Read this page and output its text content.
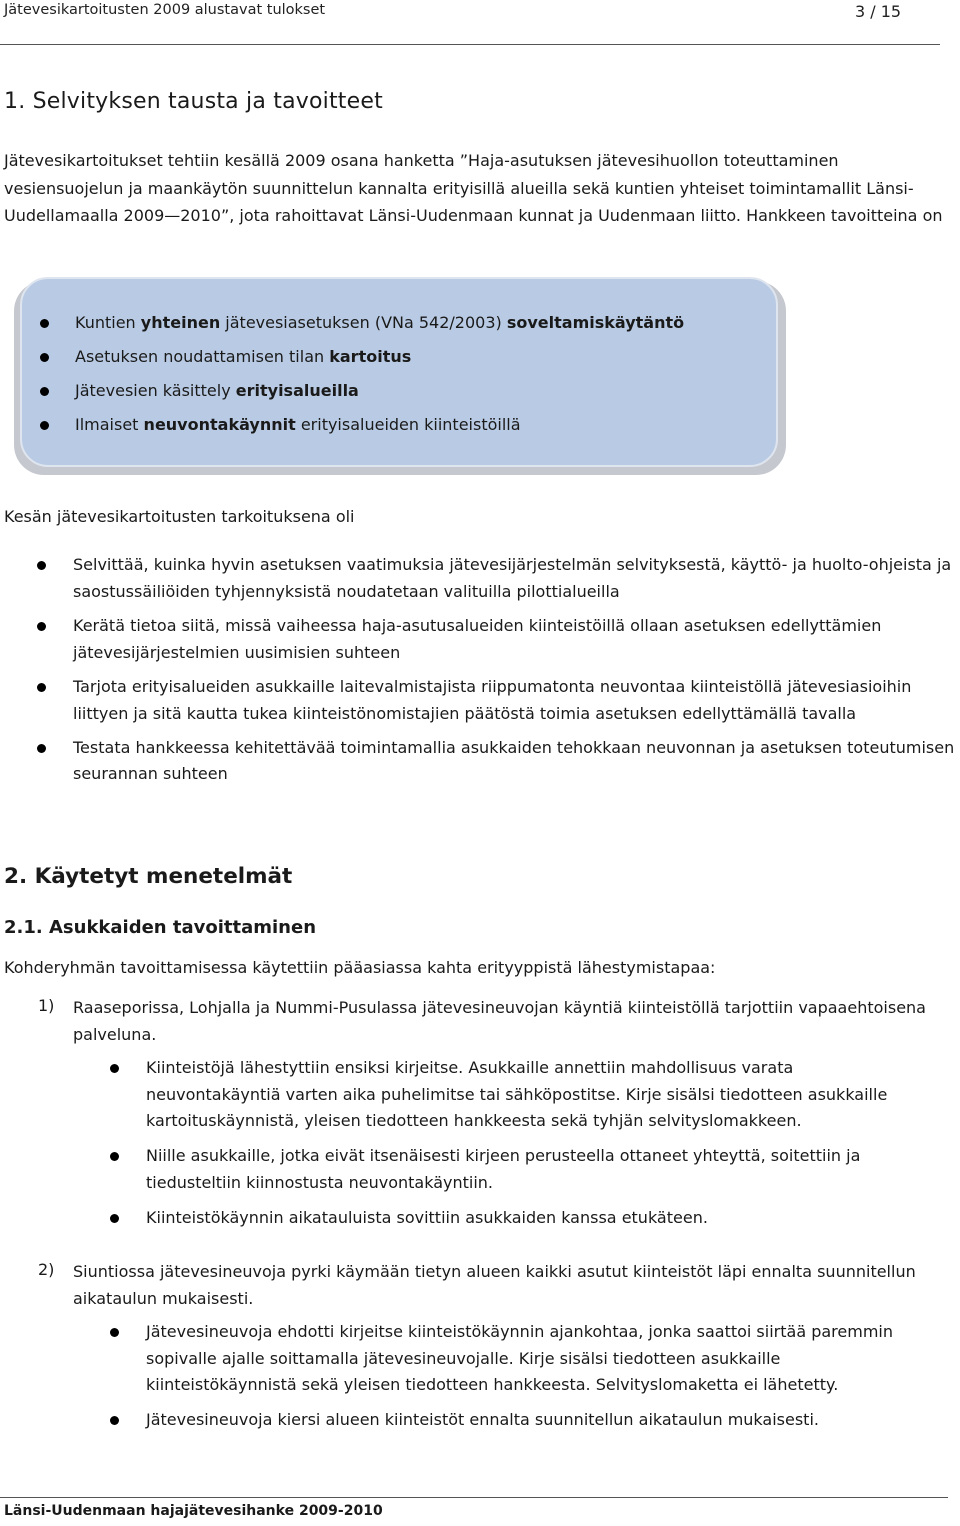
Jätevesikartoitusten 2009 alustavat tulokset	3 / 15
1. Selvityksen tausta ja tavoitteet

Jätevesikartoitukset tehtiin kesällä 2009 osana hanketta ”Haja-asutuksen jätevesihuollon toteuttaminen vesiensuojelun ja maankäytön suunnittelun kannalta erityisillä alueilla sekä kuntien yhteiset toimintamallit Länsi-Uudellamaalla 2009—2010”, jota rahoittavat Länsi-Uudenmaan kunnat ja Uudenmaan liitto. Hankkeen tavoitteina on

Kuntien yhteinen jätevesiasetuksen (VNa 542/2003) soveltamiskäytäntö
Asetuksen noudattamisen tilan kartoitus
Jätevesien käsittely erityisalueilla
Ilmaiset neuvontakäynnit erityisalueiden kiinteistöillä

Kesän jätevesikartoitusten tarkoituksena oli

Selvittää, kuinka hyvin asetuksen vaatimuksia jätevesijärjestelmän selvityksestä, käyttö- ja huolto-ohjeista ja saostussäiliöiden tyhjennyksistä noudatetaan valituilla pilottialueilla
Kerätä tietoa siitä, missä vaiheessa haja-asutusalueiden kiinteistöillä ollaan asetuksen edellyttämien jätevesijärjestelmien uusimisien suhteen
Tarjota erityisalueiden asukkaille laitevalmistajista riippumatonta neuvontaa kiinteistöllä jätevesiasioihin liittyen ja sitä kautta tukea kiinteistönomistajien päätöstä toimia asetuksen edellyttämällä tavalla
Testata hankkeessa kehitettävää toimintamallia asukkaiden tehokkaan neuvonnan ja asetuksen toteutumisen seurannan suhteen
2. Käytetyt menetelmät
2.1. Asukkaiden tavoittaminen

Kohderyhmän tavoittamisessa käytettiin pääasiassa kahta erityyppistä lähestymistapaa:

1) Raaseporissa, Lohjalla ja Nummi-Pusulassa jätevesineuvojan käyntiä kiinteistöllä tarjottiin vapaaehtoisena palveluna.

Kiinteistöjä lähestyttiin ensiksi kirjeitse. Asukkaille annettiin mahdollisuus varata neuvontakäyntiä varten aika puhelimitse tai sähköpostitse. Kirje sisälsi tiedotteen asukkaille kartoituskäynnistä, yleisen tiedotteen hankkeesta sekä tyhjän selvityslomakkeen.
Niille asukkaille, jotka eivät itsenäisesti kirjeen perusteella ottaneet yhteyttä, soitettiin ja tiedusteltiin kiinnostusta neuvontakäyntiin.
Kiinteistökäynnin aikatauluista sovittiin asukkaiden kanssa etukäteen.
2) Siuntiossa jätevesineuvoja pyrki käymään tietyn alueen kaikki asutut kiinteistöt läpi ennalta suunnitellun aikataulun mukaisesti.

Jätevesineuvoja ehdotti kirjeitse kiinteistökäynnin ajankohtaa, jonka saattoi siirtää paremmin sopivalle ajalle soittamalla jätevesineuvojalle. Kirje sisälsi tiedotteen asukkaille kiinteistökäynnistä sekä yleisen tiedotteen hankkeesta. Selvityslomaketta ei lähetetty.
Jätevesineuvoja kiersi alueen kiinteistöt ennalta suunnitellun aikataulun mukaisesti.
Länsi-Uudenmaan hajajätevesihanke 2009-2010
